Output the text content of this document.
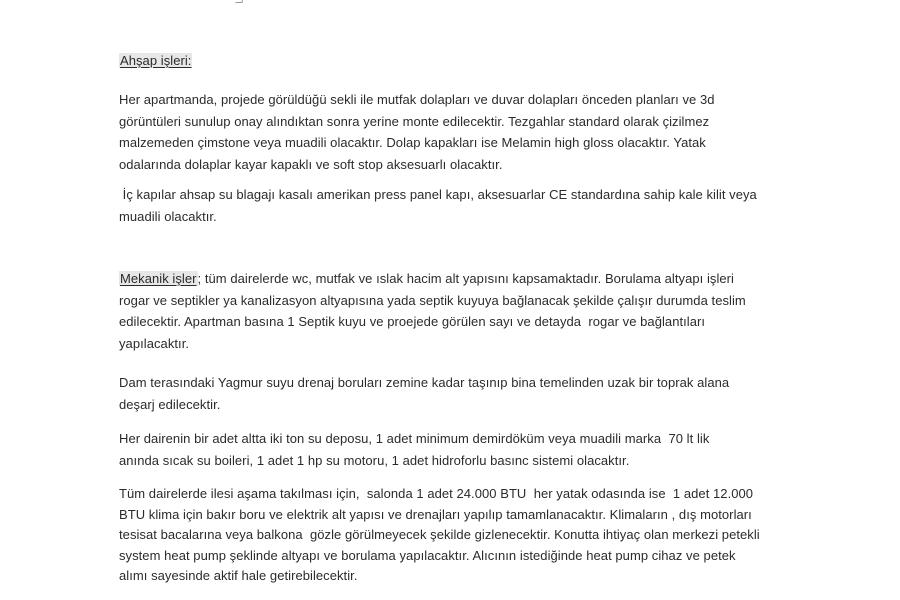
Ahşap işleri:

Her apartmanda, projede görüldüğü sekli ile mutfak dolapları ve duvar dolapları önceden planları ve 3d
görüntüleri sunulup onay alındıktan sonra yerine monte edilecektir. Tezgahlar standard olarak çizilmez
malzemeden çimstone veya muadili olacaktır. Dolap kapakları ise Melamin high gloss olacaktır. Yatak
odalarında dolaplar kayar kapaklı ve soft stop aksesuarlı olacaktır.

İç kapılar ahsap su blagajı kasalı amerikan press panel kapı, aksesuarlar CE standardına sahip kale kilit veya
muadili olacaktır.

Mekanik işler; tüm dairelerde wc, mutfak ve ıslak hacim alt yapısını kapsamaktadır. Borulama altyapı işleri
rogar ve septikler ya kanalizasyon altyapısına yada septik kuyuya bağlanacak şekilde çalışır durumda teslim
edilecektir. Apartman basına 1 Septik kuyu ve proejede görülen sayı ve detayda  rogar ve bağlantıları
yapılacaktır.

Dam terasındaki Yagmur suyu drenaj boruları zemine kadar taşınıp bina temelinden uzak bir toprak alana
deşarj edilecektir.

Her dairenin bir adet altta iki ton su deposu, 1 adet minimum demirdöküm veya muadili marka  70 lt lik
anında sıcak su boileri, 1 adet 1 hp su motoru, 1 adet hidroforlu basınc sistemi olacaktır.

Tüm dairelerde ilesi aşama takılması için,  salonda 1 adet 24.000 BTU  her yatak odasında ise  1 adet 12.000
BTU klima için bakır boru ve elektrik alt yapısı ve drenajları yapılıp tamamlanacaktır. Klimaların , dış motorları
tesisat bacalarına veya balkona  gözle görülmeyecek şekilde gizlenecektir. Konutta ihtiyaç olan merkezi petekli
system heat pump şeklinde altyapı ve borulama yapılacaktır. Alıcının istediğinde heat pump cihaz ve petek
alımı sayesinde aktif hale getirebilecektir.
